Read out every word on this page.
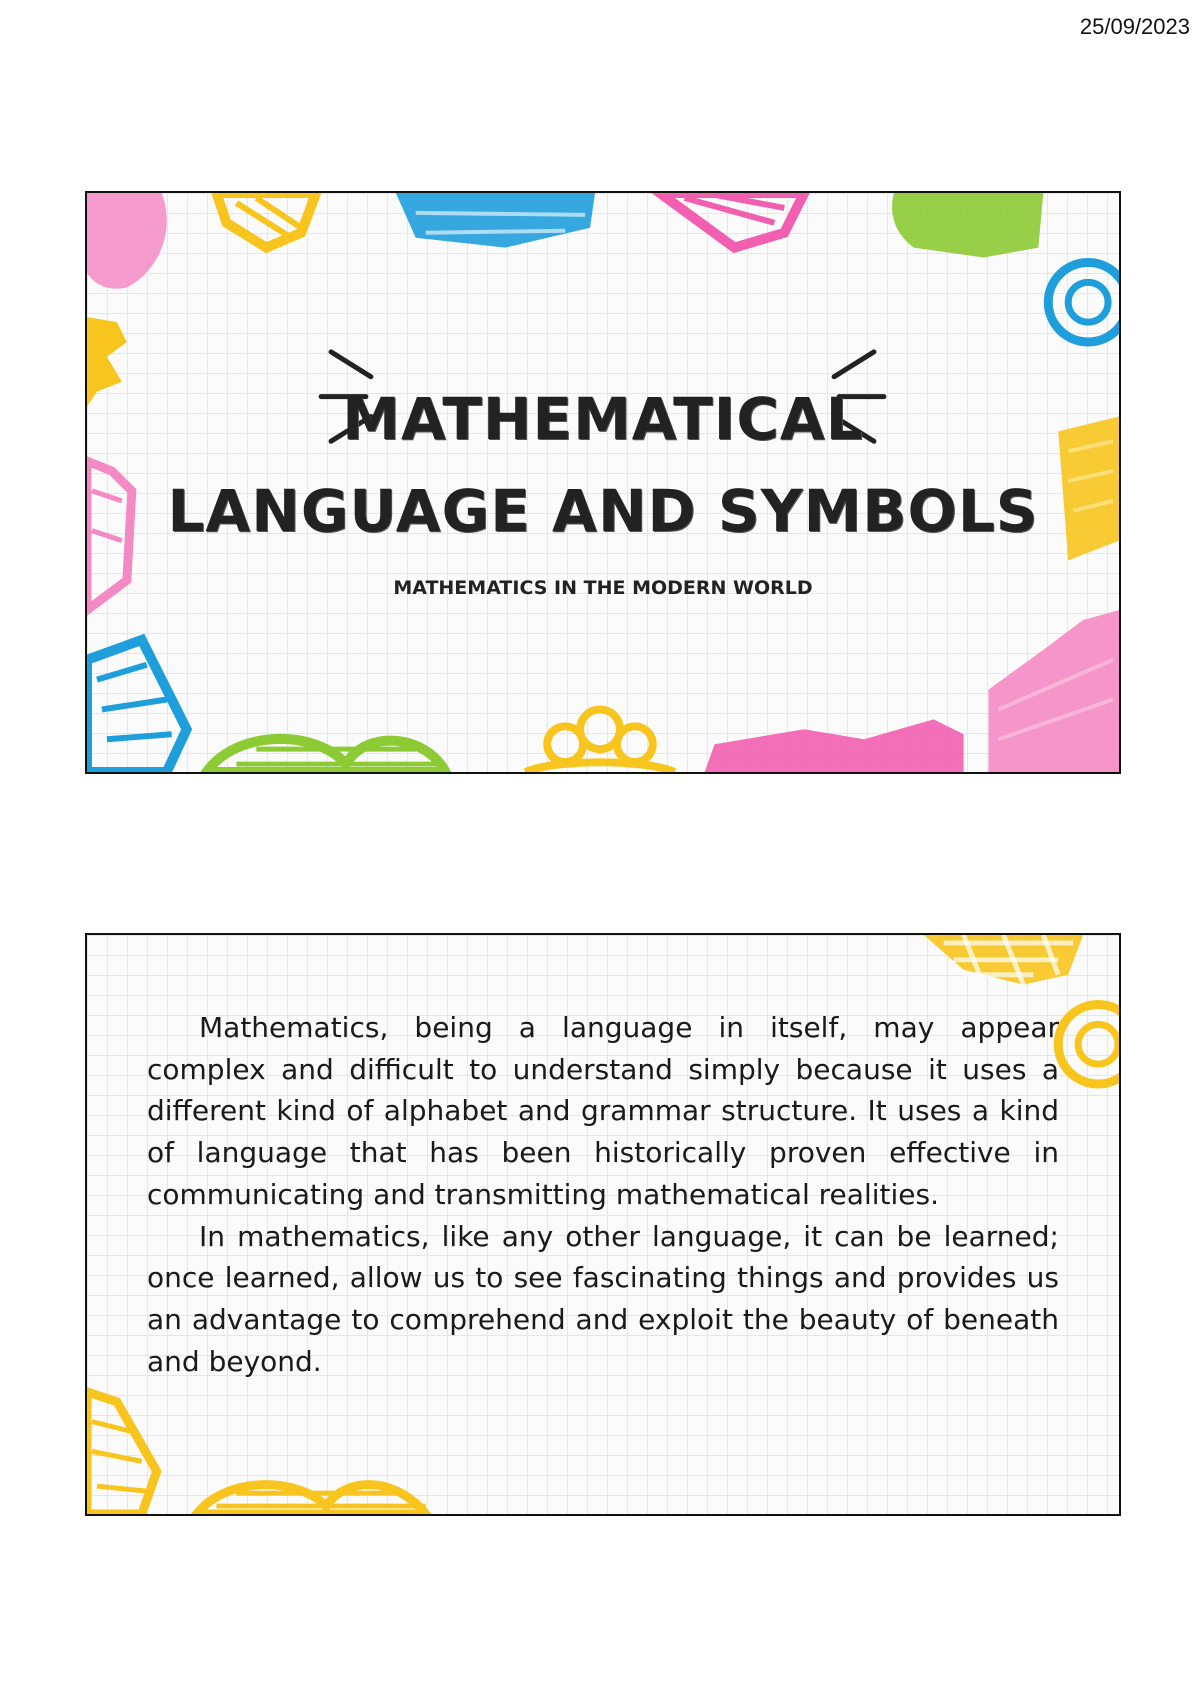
25/09/2023
MATHEMATICAL
LANGUAGE AND SYMBOLS
MATHEMATICS IN THE MODERN WORLD

Mathematics, being a language in itself, may appear complex and difficult to understand simply because it uses a different kind of alphabet and grammar structure. It uses a kind of language that has been historically proven effective in communicating and transmitting mathematical realities.

In mathematics, like any other language, it can be learned; once learned, allow us to see fascinating things and provides us an advantage to comprehend and exploit the beauty of beneath and beyond.
